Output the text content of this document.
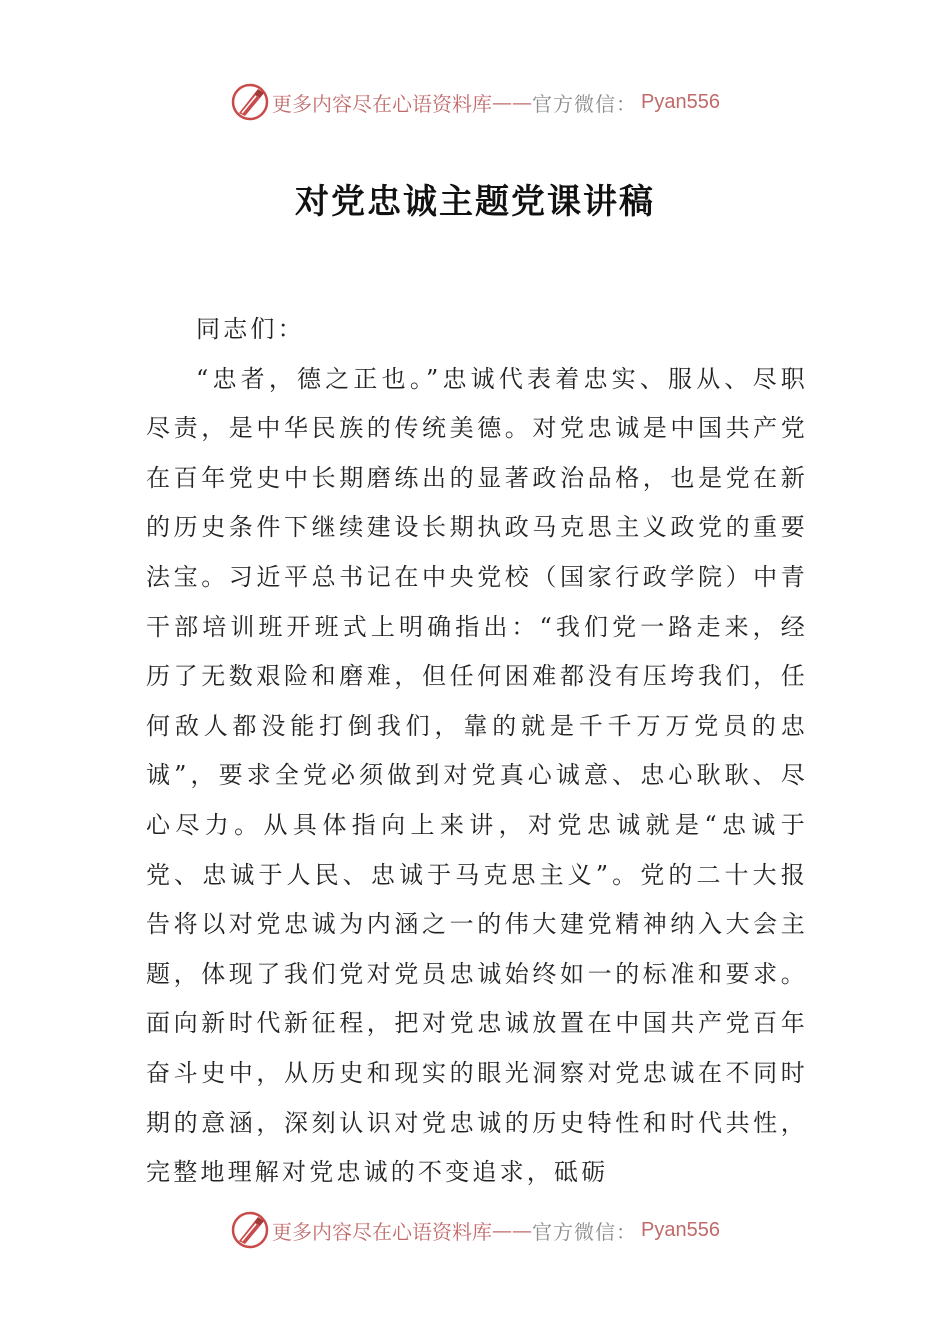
更多内容尽在心语资料库 —— 官方微信： Pyan556
对党忠诚主题党课讲稿
同志们：

“忠者，德之正也。”忠诚代表着忠实、服从、尽职尽责，是中华民族的传统美德。对党忠诚是中国共产党在百年党史中长期磨练出的显著政治品格，也是党在新的历史条件下继续建设长期执政马克思主义政党的重要法宝。习近平总书记在中央党校（国家行政学院）中青干部培训班开班式上明确指出：“我们党一路走来，经历了无数艰险和磨难，但任何困难都没有压垮我们，任何敌人都没能打倒我们，靠的就是千千万万党员的忠诚”，要求全党必须做到对党真心诚意、忠心耿耿、尽心尽力。从具体指向上来讲，对党忠诚就是“忠诚于党、忠诚于人民、忠诚于马克思主义”。党的二十大报告将以对党忠诚为内涵之一的伟大建党精神纳入大会主题，体现了我们党对党员忠诚始终如一的标准和要求。面向新时代新征程，把对党忠诚放置在中国共产党百年奋斗史中，从历史和现实的眼光洞察对党忠诚在不同时期的意涵，深刻认识对党忠诚的历史特性和时代共性，完整地理解对党忠诚的不变追求，砥砺

更多内容尽在心语资料库 —— 官方微信： Pyan556
